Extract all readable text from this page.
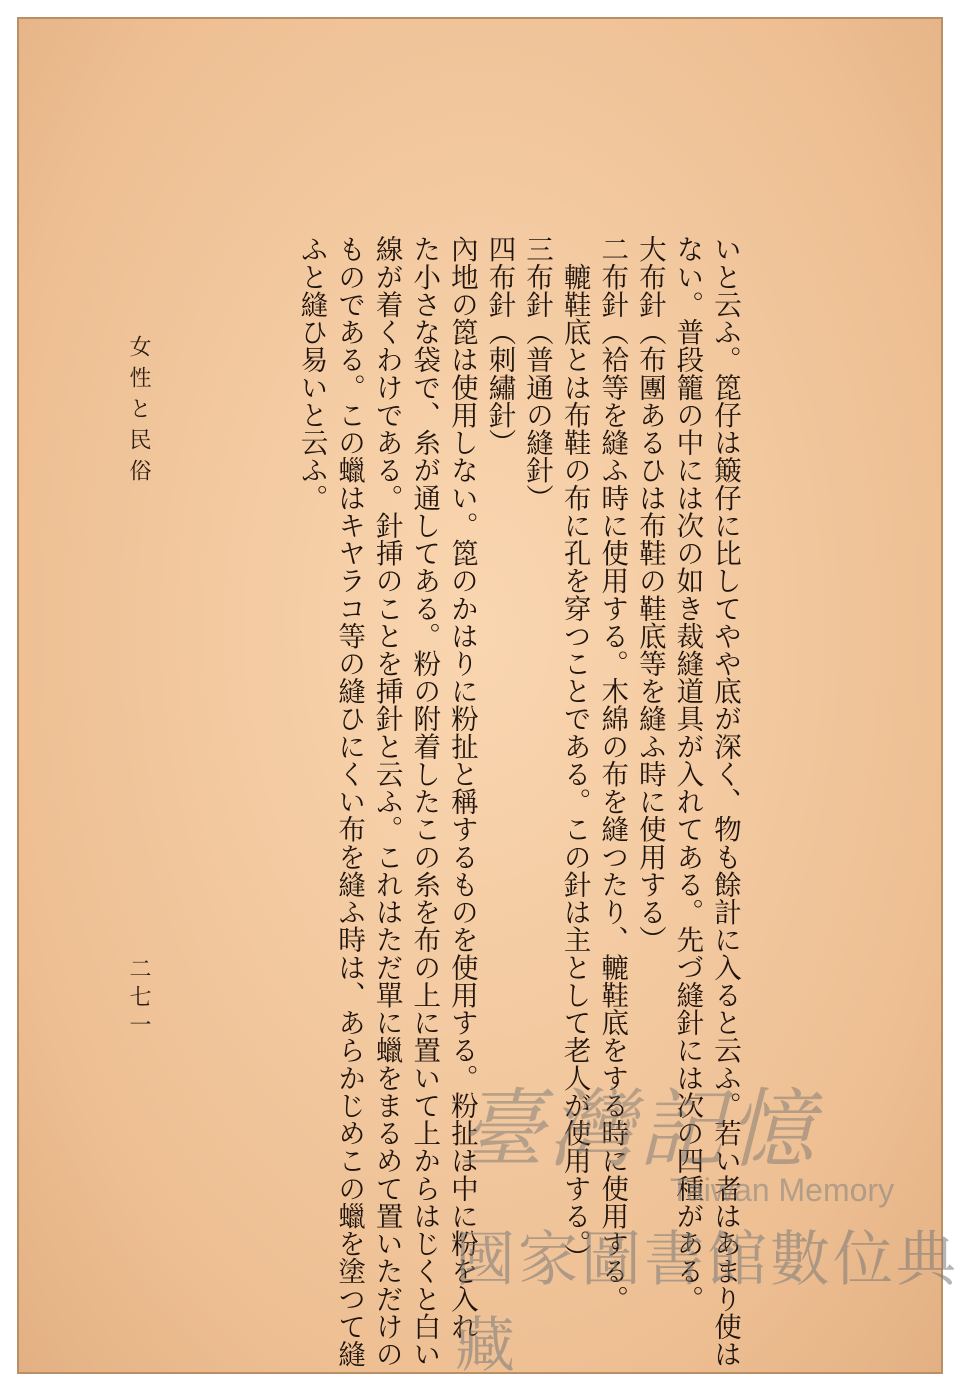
いと云ふ。箆仔は簸仔に比してやや底が深く、物も餘計に入ると云ふ。若い者はあまり使は
ない。普段籠の中には次の如き裁縫道具が入れてある。先づ縫針には次の四種がある。
大布針（布團あるひは布鞋の鞋底等を縫ふ時に使用する）
二布針（袷等を縫ふ時に使用する。木綿の布を縫つたり、轆鞋底をする時に使用する。
　轆鞋底とは布鞋の布に孔を穿つことである。この針は主として老人が使用する。）
三布針（普通の縫針）
四布針（刺繡針）
內地の箆は使用しない。箆のかはりに粉扯と稱するものを使用する。粉扯は中に粉を入れ
た小さな袋で、糸が通してある。粉の附着したこの糸を布の上に置いて上からはじくと白い
線が着くわけである。針挿のことを挿針と云ふ。これはただ單に蠟をまるめて置いただけの
ものである。この蠟はキヤラコ等の縫ひにくい布を縫ふ時は、あらかじめこの蠟を塗つて縫
ふと縫ひ易いと云ふ。
女性と民俗
二七一
臺灣記憶
Taiwan Memory
國家圖書館數位典藏
